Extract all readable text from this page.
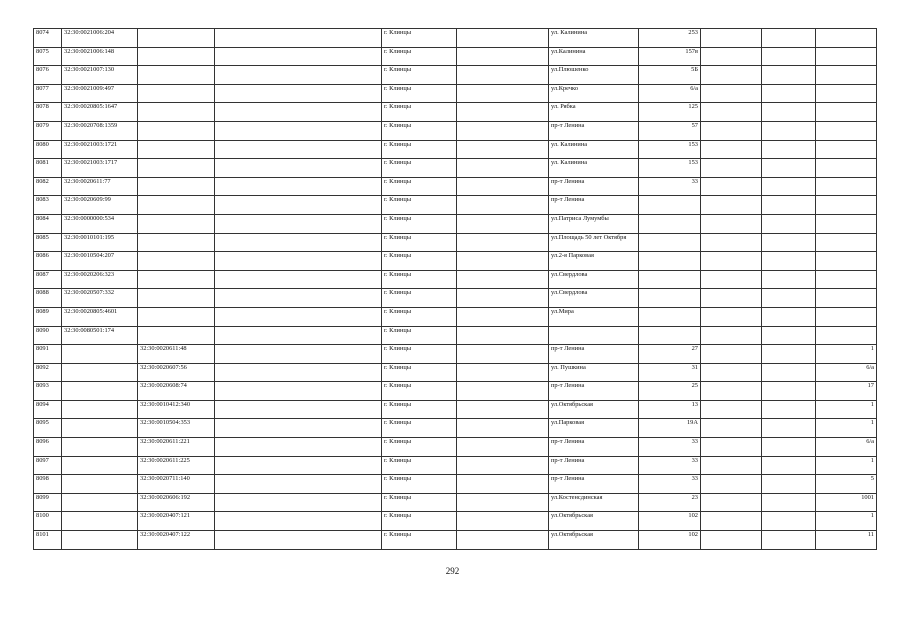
8074	32:30:0021006:204			г. Клинцы		ул. Калинина	253			
8075	32:30:0021006:148			г. Клинцы		ул.Калинина	157в			
8076	32:30:0021007:130			г. Клинцы		ул.Плюшенко	5Б			
8077	32:30:0021009:497			г. Клинцы		ул.Кречко	6/а			
8078	32:30:0020805:1647			г. Клинцы		ул. Рябка	125			
8079	32:30:0020708:1359			г. Клинцы		пр-т Ленина	57			
8080	32:30:0021003:1721			г. Клинцы		ул. Калинина	153			
8081	32:30:0021003:1717			г. Клинцы		ул. Калинина	153			
8082	32:30:0020611:77			г. Клинцы		пр-т Ленина	33			
8083	32:30:0020609:99			г. Клинцы		пр-т Ленина				
8084	32:30:0000000:534			г. Клинцы		ул.Патриса Лумумбы				
8085	32:30:0010101:195			г. Клинцы		ул.Площадь 50 лет Октября				
8086	32:30:0010504:207			г. Клинцы		ул.2-я Парковая				
8087	32:30:0020206:323			г. Клинцы		ул.Свердлова				
8088	32:30:0020507:332			г. Клинцы		ул.Свердлова				
8089	32:30:0020805:4601			г. Клинцы		ул.Мира				
8090	32:30:0080501:174			г. Клинцы						
8091		32:30:0020611:48		г. Клинцы		пр-т Ленина	27			1
8092		32:30:0020607:56		г. Клинцы		ул. Пушкина	31			6/а
8093		32:30:0020608:74		г. Клинцы		пр-т Ленина	25			17
8094		32:30:0010412:340		г. Клинцы		ул.Октябрьская	13			1
8095		32:30:0010504:353		г. Клинцы		ул.Парковая	19А			1
8096		32:30:0020611:221		г. Клинцы		пр-т Ленина	33			6/а
8097		32:30:0020611:225		г. Клинцы		пр-т Ленина	33			1
8098		32:30:0020711:140		г. Клинцы		пр-т Ленина	33			5
8099		32:30:0020606:192		г. Клинцы		ул.Костенсдинская	23			1001
8100		32:30:0020407:121		г. Клинцы		ул.Октябрьская	102			1
8101		32:30:0020407:122		г. Клинцы		ул.Октябрьская	102			11
292
